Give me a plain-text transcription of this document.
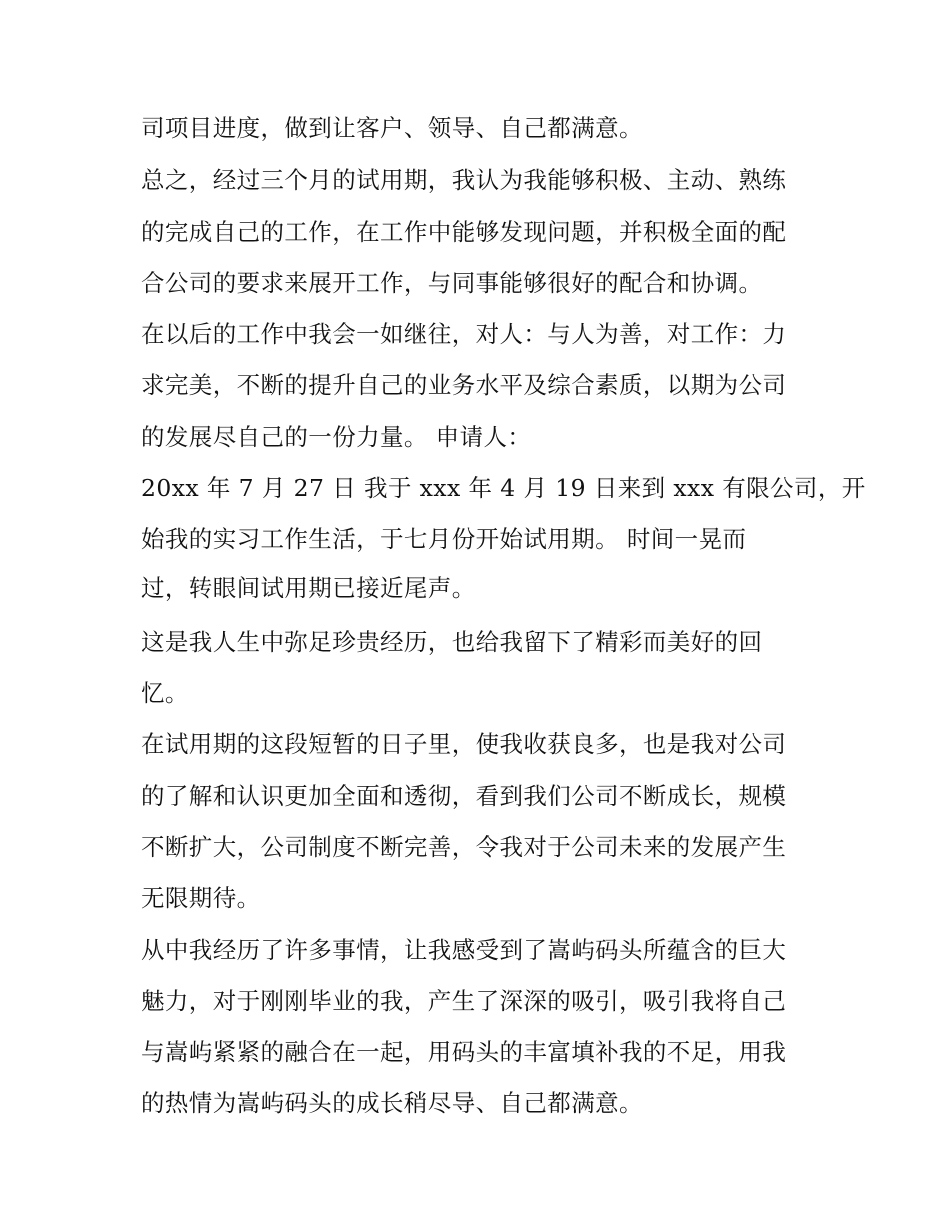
司项目进度，做到让客户、领导、自己都满意。
总之，经过三个月的试用期，我认为我能够积极、主动、熟练
的完成自己的工作，在工作中能够发现问题，并积极全面的配
合公司的要求来展开工作，与同事能够很好的配合和协调。
在以后的工作中我会一如继往，对人：与人为善，对工作：力
求完美，不断的提升自己的业务水平及综合素质，以期为公司
的发展尽自己的一份力量。 申请人：
20xx 年 7 月 27 日 我于 xxx 年 4 月 19 日来到 xxx 有限公司，开
始我的实习工作生活，于七月份开始试用期。 时间一晃而
过，转眼间试用期已接近尾声。
这是我人生中弥足珍贵经历，也给我留下了精彩而美好的回
忆。
在试用期的这段短暂的日子里，使我收获良多，也是我对公司
的了解和认识更加全面和透彻，看到我们公司不断成长，规模
不断扩大，公司制度不断完善，令我对于公司未来的发展产生
无限期待。
从中我经历了许多事情，让我感受到了嵩屿码头所蕴含的巨大
魅力，对于刚刚毕业的我，产生了深深的吸引，吸引我将自己
与嵩屿紧紧的融合在一起，用码头的丰富填补我的不足，用我
的热情为嵩屿码头的成长稍尽导、自己都满意。
